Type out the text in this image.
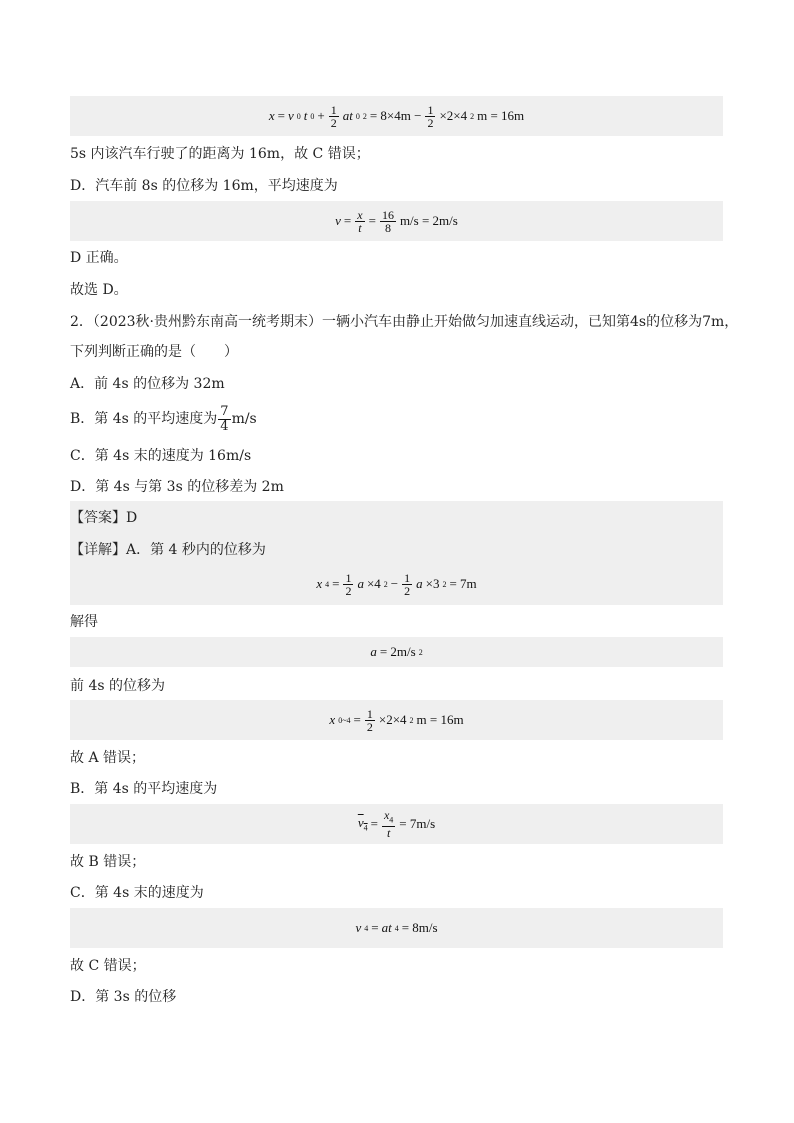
x = v 0 t $0 + \frac{1}{2}$ at 0 $2 = 8\times 4m - \frac{1}{2} \times 2\times 4$ 2 m = 16m
5s 内该汽车行驶了的距离为 16m，故 C 错误；
D．汽车前 8s 的位移为 16m，平均速度为
$v = \frac{x}{t} = \frac{16}{8} m/s = 2m/s$
D 正确。
故选 D。
2．（2023秋·贵州黔东南高一统考期末）一辆小汽车由静止开始做匀加速直线运动，已知第4s的位移为7m，
下列判断正确的是（　　）
A．前 4s 的位移为 32m
B．第 4s 的平均速度为 $\frac{7}{4} m/s$
C．第 4s 末的速度为 16m/s
D．第 4s 与第 3s 的位移差为 2m
【答案】D
【详解】A．第 4 秒内的位移为
x $4 = \frac{1}{2}$ a ×4 $2 - \frac{1}{2}$ a ×3 2 = 7m
解得
a = 2m/s 2
前 4s 的位移为
x 0~4 = $\frac{1}{2} \times 2\times 4$ 2 m = 16m
故 A 错误；
B．第 4s 的平均速度为
$v_4 = \frac{x_4}{t} = 7m/s$
故 B 错误；
C．第 4s 末的速度为
v 4 = at 4 = 8m/s
故 C 错误；
D．第 3s 的位移
